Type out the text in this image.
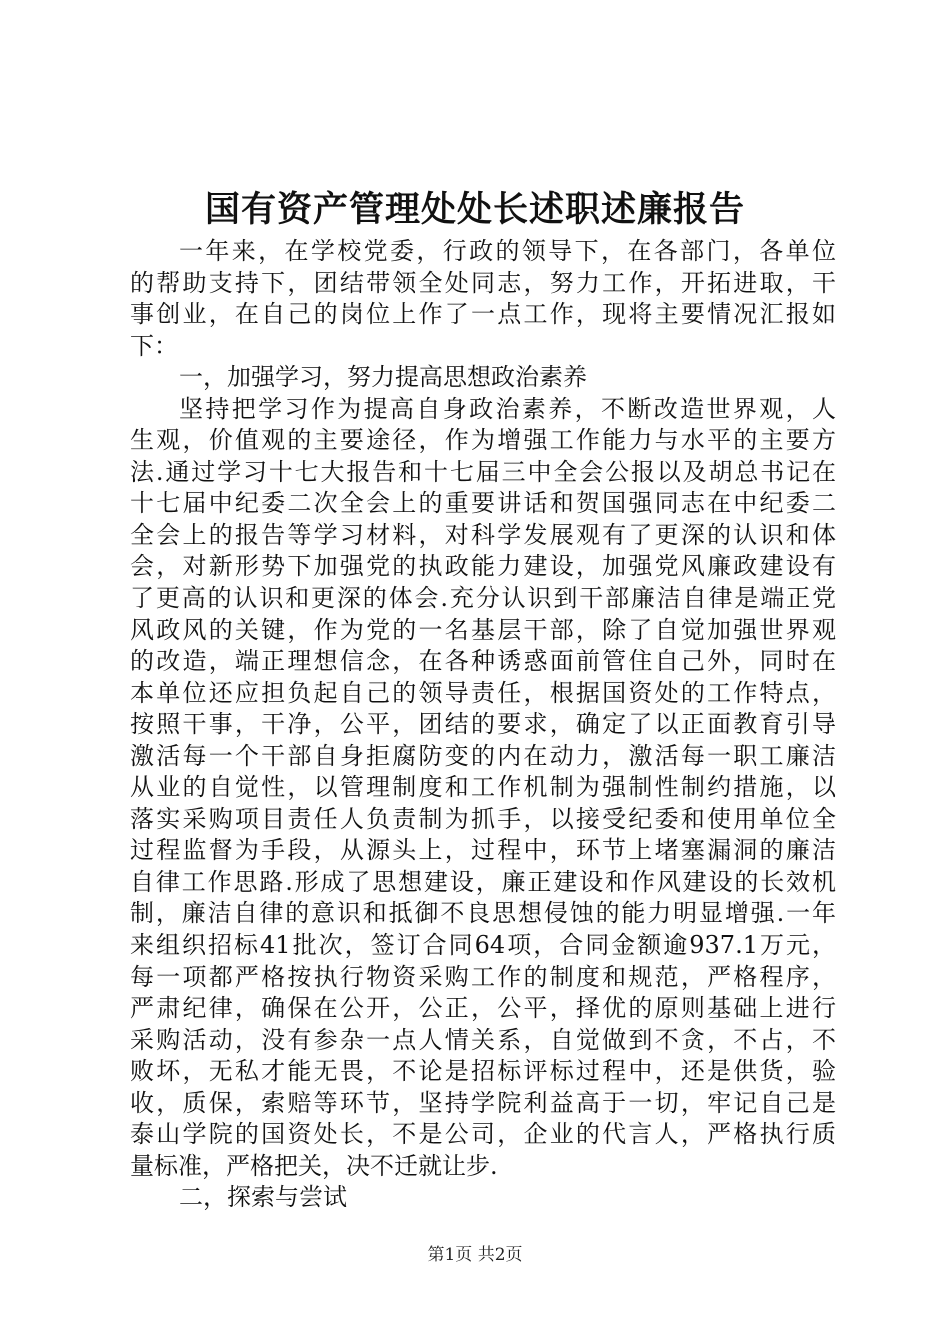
国有资产管理处处长述职述廉报告
一年来，在学校党委，行政的领导下，在各部门，各单位
的帮助支持下，团结带领全处同志，努力工作，开拓进取，干
事创业，在自己的岗位上作了一点工作，现将主要情况汇报如
下：
一，加强学习，努力提高思想政治素养
坚持把学习作为提高自身政治素养，不断改造世界观，人
生观，价值观的主要途径，作为增强工作能力与水平的主要方
法.通过学习十七大报告和十七届三中全会公报以及胡总书记在
十七届中纪委二次全会上的重要讲话和贺国强同志在中纪委二
全会上的报告等学习材料，对科学发展观有了更深的认识和体
会，对新形势下加强党的执政能力建设，加强党风廉政建设有
了更高的认识和更深的体会.充分认识到干部廉洁自律是端正党
风政风的关键，作为党的一名基层干部，除了自觉加强世界观
的改造，端正理想信念，在各种诱惑面前管住自己外，同时在
本单位还应担负起自己的领导责任，根据国资处的工作特点，
按照干事，干净，公平，团结的要求，确定了以正面教育引导
激活每一个干部自身拒腐防变的内在动力，激活每一职工廉洁
从业的自觉性，以管理制度和工作机制为强制性制约措施，以
落实采购项目责任人负责制为抓手，以接受纪委和使用单位全
过程监督为手段，从源头上，过程中，环节上堵塞漏洞的廉洁
自律工作思路.形成了思想建设，廉正建设和作风建设的长效机
制，廉洁自律的意识和抵御不良思想侵蚀的能力明显增强.一年
来组织招标41批次，签订合同64项，合同金额逾937.1万元，
每一项都严格按执行物资采购工作的制度和规范，严格程序，
严肃纪律，确保在公开，公正，公平，择优的原则基础上进行
采购活动，没有参杂一点人情关系，自觉做到不贪，不占，不
败坏，无私才能无畏，不论是招标评标过程中，还是供货，验
收，质保，索赔等环节，坚持学院利益高于一切，牢记自己是
泰山学院的国资处长，不是公司，企业的代言人，严格执行质
量标准，严格把关，决不迁就让步.
二，探索与尝试
第1页 共2页
